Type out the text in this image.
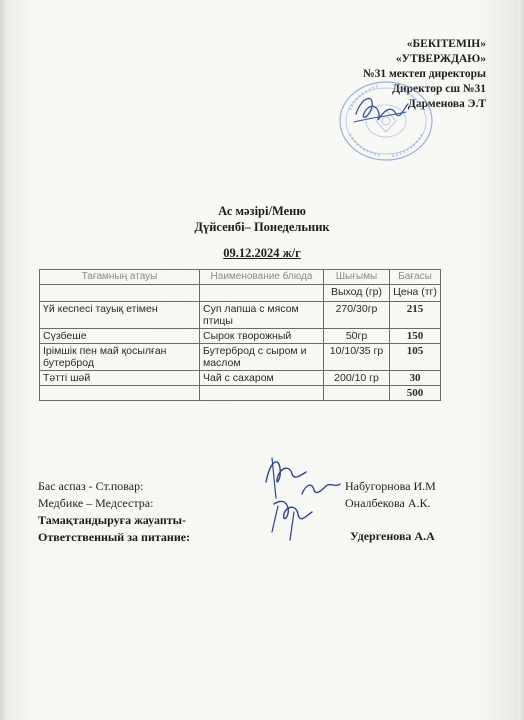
«БЕКІТЕМІН»
«УТВЕРЖДАЮ»
№31 мектеп директоры
Директор сш №31
Дарменова Э.Т
Ас мәзірі/Меню
Дүйсенбі– Понедельник
09.12.2024 ж/г
Тағамның атауы	Наименование блюда	Шығымы	Бағасы
		Выход (гр)	Цена (тг)
Үй кеспесі тауық етімен	Суп лапша с мясом птицы	270/30гр	215
Сүзбеше	Сырок творожный	50гр	150
Ірімшік пен май қосылған бутерброд	Бутерброд с сыром и маслом	10/10/35 гр	105
Тәтті шәй	Чай с сахаром	200/10 гр	30
			500
Бас аспаз - Ст.повар:
Медбике – Медсестра:
Тамақтандыруға жауапты-
Ответственный за питание:
Набугорнова И.М
Оналбекова А.К.
Удергенова А.А
